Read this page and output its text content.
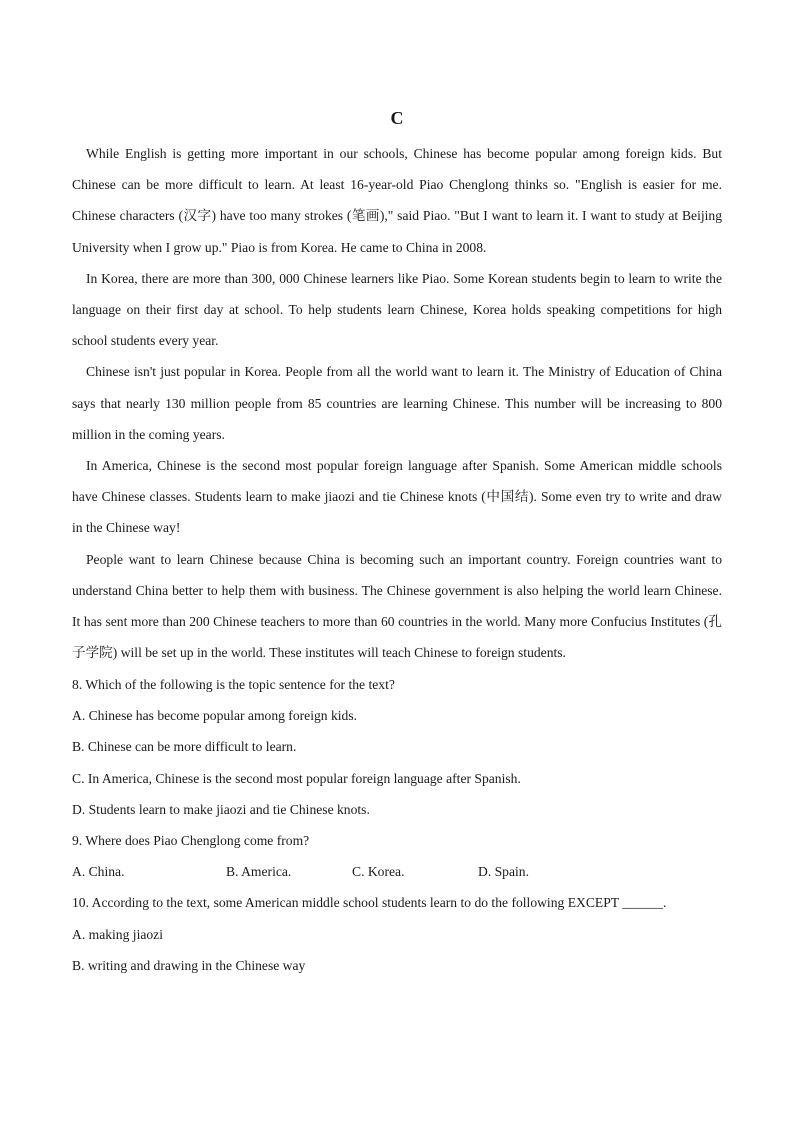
C

While English is getting more important in our schools, Chinese has become popular among foreign kids. But Chinese can be more difficult to learn. At least 16-year-old Piao Chenglong thinks so. "English is easier for me. Chinese characters (汉字) have too many strokes (笔画)," said Piao. "But I want to learn it. I want to study at Beijing University when I grow up." Piao is from Korea. He came to China in 2008.

In Korea, there are more than 300, 000 Chinese learners like Piao. Some Korean students begin to learn to write the language on their first day at school. To help students learn Chinese, Korea holds speaking competitions for high school students every year.

Chinese isn't just popular in Korea. People from all the world want to learn it. The Ministry of Education of China says that nearly 130 million people from 85 countries are learning Chinese. This number will be increasing to 800 million in the coming years.

In America, Chinese is the second most popular foreign language after Spanish. Some American middle schools have Chinese classes. Students learn to make jiaozi and tie Chinese knots (中国结). Some even try to write and draw in the Chinese way!

People want to learn Chinese because China is becoming such an important country. Foreign countries want to understand China better to help them with business. The Chinese government is also helping the world learn Chinese. It has sent more than 200 Chinese teachers to more than 60 countries in the world. Many more Confucius Institutes (孔子学院) will be set up in the world. These institutes will teach Chinese to foreign students.

8. Which of the following is the topic sentence for the text?

A. Chinese has become popular among foreign kids.

B. Chinese can be more difficult to learn.

C. In America, Chinese is the second most popular foreign language after Spanish.

D. Students learn to make jiaozi and tie Chinese knots.

9. Where does Piao Chenglong come from?

A. China.	B. America.	C. Korea.	D. Spain.

10. According to the text, some American middle school students learn to do the following EXCEPT ______.

A. making jiaozi

B. writing and drawing in the Chinese way
